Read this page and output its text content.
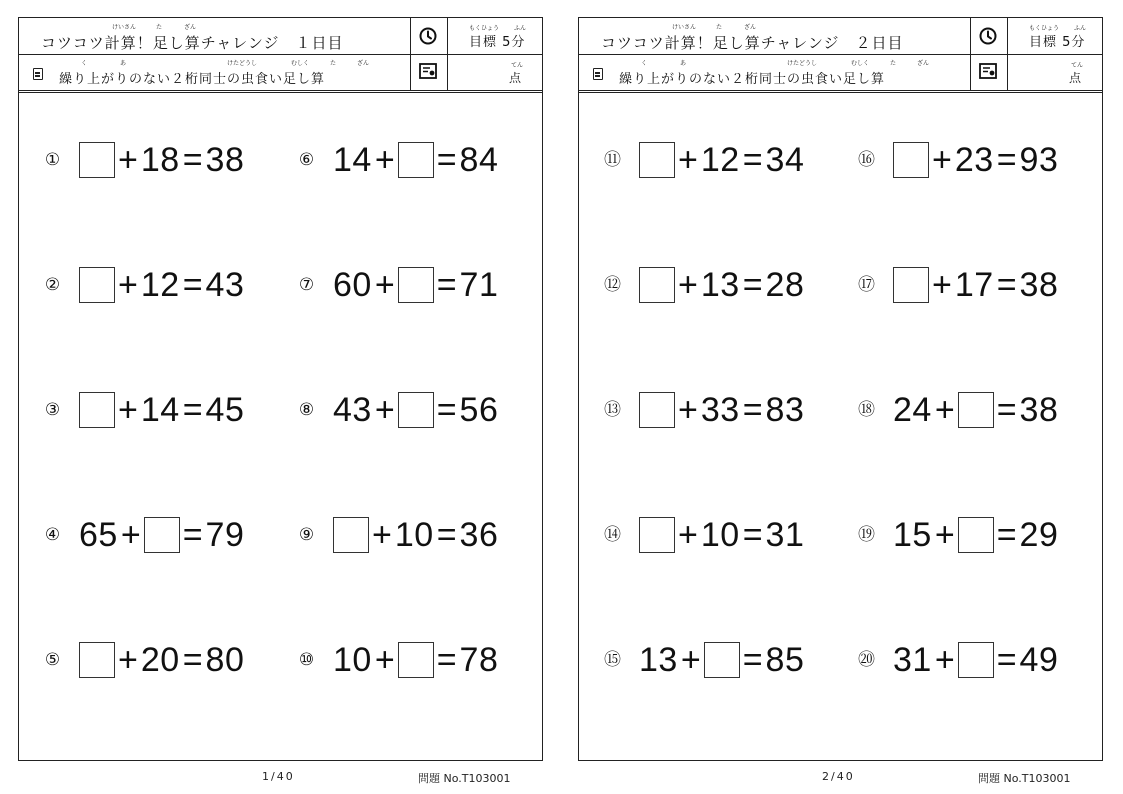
けいさん	た	ざん
コツコツ計算！足し算チャレンジ　１日目
く	あ	けたどうし	むしく	た	ざん
繰り上がりのない２桁同士の虫食い足し算
もくひょう ふん
目標 5分
てん
点
けいさん	た	ざん
コツコツ計算！足し算チャレンジ　２日目
く	あ	けたどうし	むしく	た	ざん
繰り上がりのない２桁同士の虫食い足し算
もくひょう ふん
目標 5分
てん
点
1/40	問題 No.T103001	2/40	問題 No.T103001
① + 18 = 38
② + 12 = 43
③ + 14 = 45
④ 65 + = 79
⑤ + 20 = 80
⑥ 14 + = 84
⑦ 60 + = 71
⑧ 43 + = 56
⑨ + 10 = 36
⑩ 10 + = 78
⑪ + 12 = 34
⑫ + 13 = 28
⑬ + 33 = 83
⑭ + 10 = 31
⑮ 13 + = 85
⑯ + 23 = 93
⑰ + 17 = 38
⑱ 24 + = 38
⑲ 15 + = 29
⑳ 31 + = 49
